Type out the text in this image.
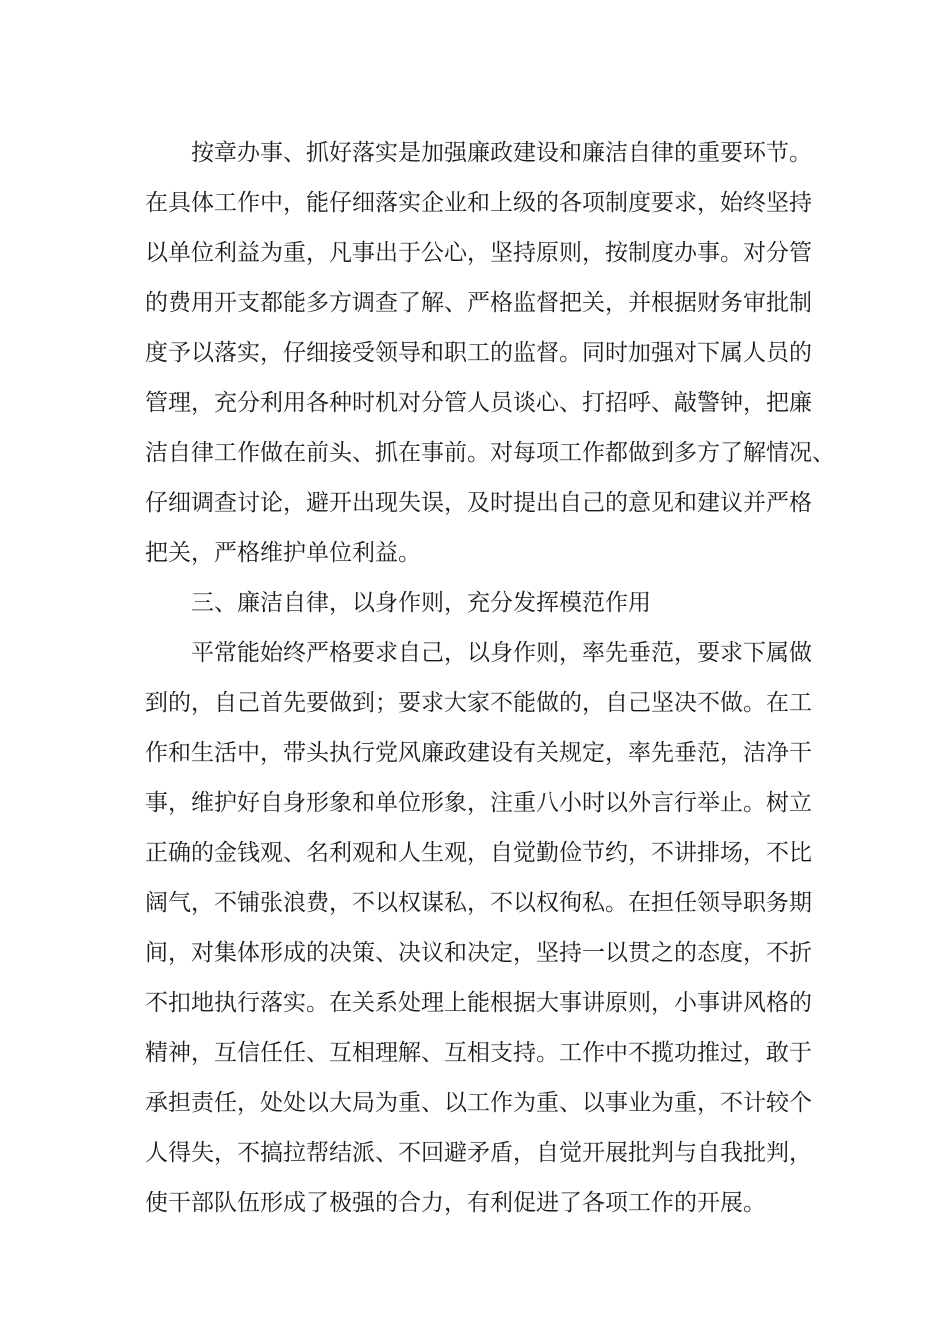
按章办事、抓好落实是加强廉政建设和廉洁自律的重要环节。
在具体工作中，能仔细落实企业和上级的各项制度要求，始终坚持
以单位利益为重，凡事出于公心，坚持原则，按制度办事。对分管
的费用开支都能多方调查了解、严格监督把关，并根据财务审批制
度予以落实，仔细接受领导和职工的监督。同时加强对下属人员的
管理，充分利用各种时机对分管人员谈心、打招呼、敲警钟，把廉
洁自律工作做在前头、抓在事前。对每项工作都做到多方了解情况、
仔细调查讨论，避开出现失误，及时提出自己的意见和建议并严格
把关，严格维护单位利益。
三、廉洁自律，以身作则，充分发挥模范作用
平常能始终严格要求自己，以身作则，率先垂范，要求下属做
到的，自己首先要做到；要求大家不能做的，自己坚决不做。在工
作和生活中，带头执行党风廉政建设有关规定，率先垂范，洁净干
事，维护好自身形象和单位形象，注重八小时以外言行举止。树立
正确的金钱观、名利观和人生观，自觉勤俭节约，不讲排场，不比
阔气，不铺张浪费，不以权谋私，不以权徇私。在担任领导职务期
间，对集体形成的决策、决议和决定，坚持一以贯之的态度，不折
不扣地执行落实。在关系处理上能根据大事讲原则，小事讲风格的
精神，互信任任、互相理解、互相支持。工作中不揽功推过，敢于
承担责任，处处以大局为重、以工作为重、以事业为重，不计较个
人得失，不搞拉帮结派、不回避矛盾，自觉开展批判与自我批判，
使干部队伍形成了极强的合力，有利促进了各项工作的开展。
